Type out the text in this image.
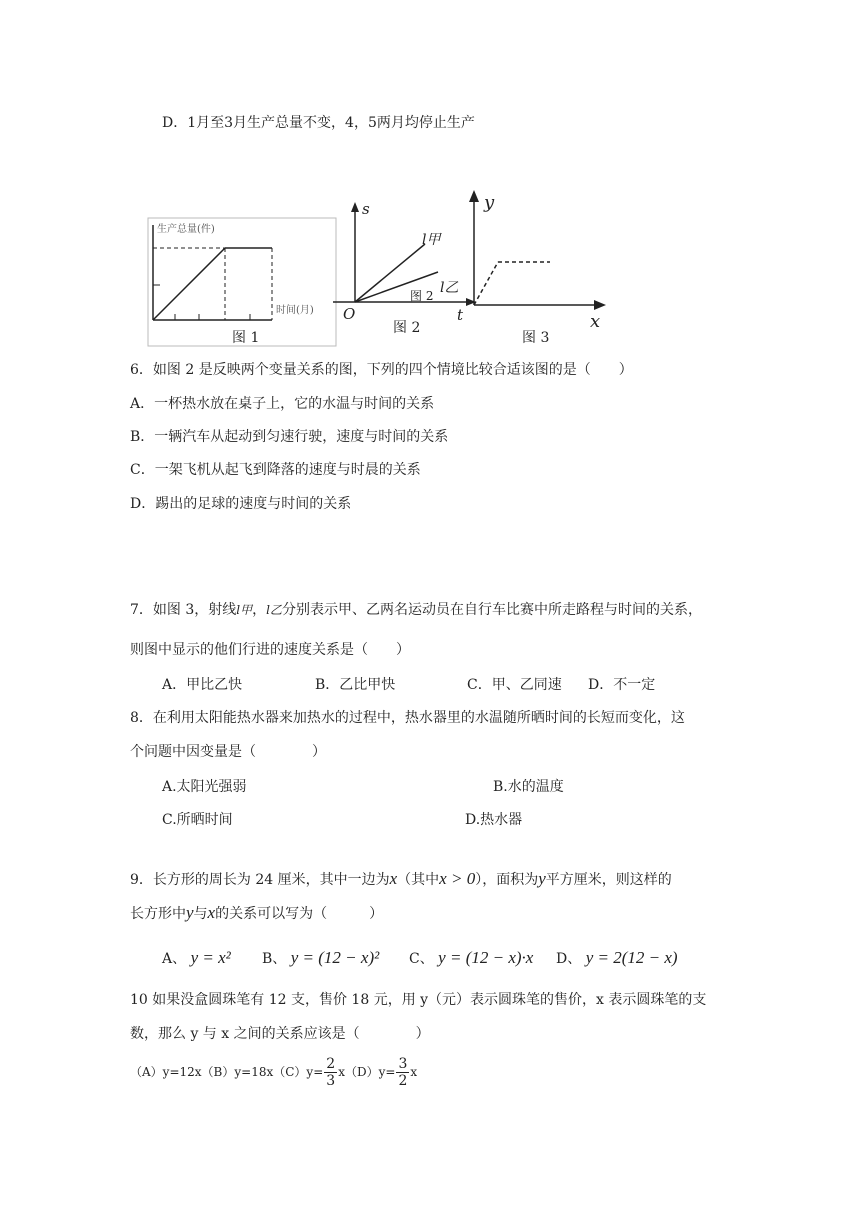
D．1月至3月生产总量不变，4，5两月均停止生产
生产总量(件)
时间(月)
图 1
s
O	t
l甲
l乙
图 2
图 2
y
x
图 3
6．如图 2 是反映两个变量关系的图，下列的四个情境比较合适该图的是（　　）
A．一杯热水放在桌子上，它的水温与时间的关系
B．一辆汽车从起动到匀速行驶，速度与时间的关系
C．一架飞机从起飞到降落的速度与时晨的关系
D．踢出的足球的速度与时间的关系
7．如图 3，射线l甲，l乙分别表示甲、乙两名运动员在自行车比赛中所走路程与时间的关系，
则图中显示的他们行进的速度关系是（　　）
A．甲比乙快	B．乙比甲快	C．甲、乙同速 D．不一定
8．在利用太阳能热水器来加热水的过程中，热水器里的水温随所晒时间的长短而变化，这
个问题中因变量是（　　　　）
A.太阳光强弱	B.水的温度
C.所晒时间	D.热水器
9．长方形的周长为 24 厘米，其中一边为x（其中x > 0），面积为y平方厘米，则这样的
长方形中y与x的关系可以写为（　　　）
A、 y = x² B、 y = (12 − x)² C、 y = (12 − x)·x D、 y = 2(12 − x)
10 如果没盒圆珠笔有 12 支，售价 18 元，用 y（元）表示圆珠笔的售价，x 表示圆珠笔的支
数，那么 y 与 x 之间的关系应该是（　　　　）
$(A)y=12x(B)y=18x(C)y= \frac{2}{3} x(D)y= \frac{3}{2}$ x
